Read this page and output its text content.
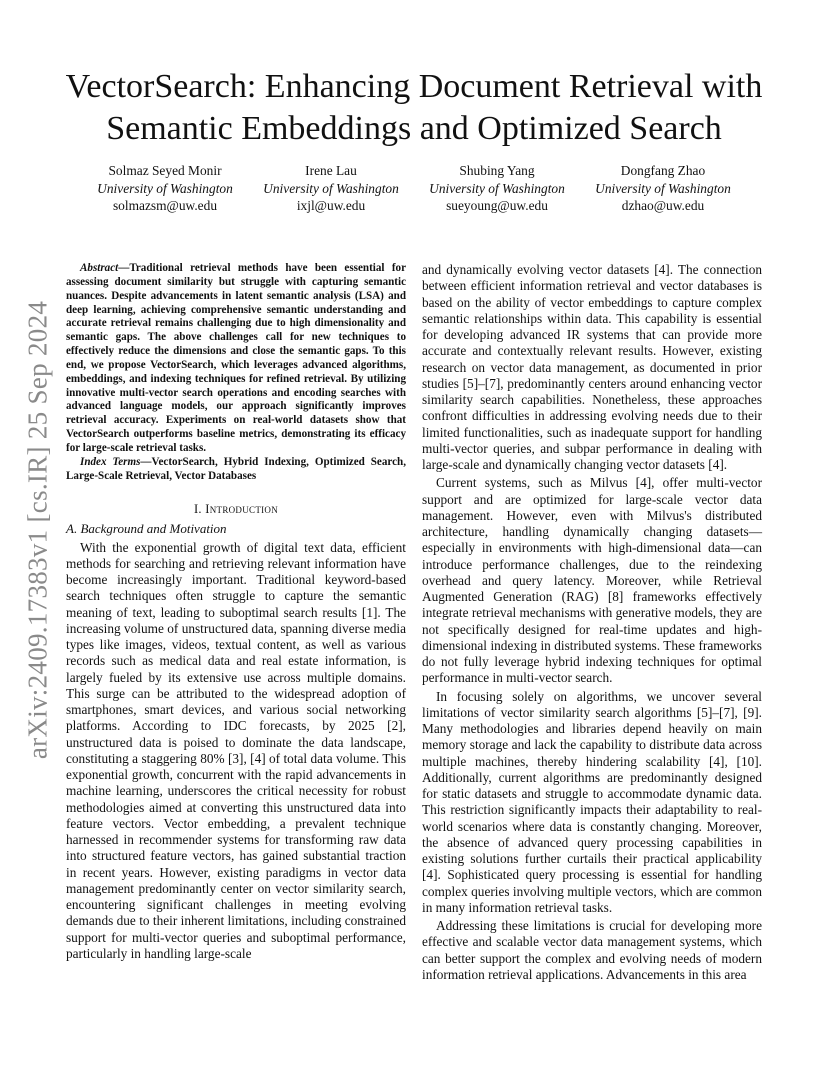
arXiv:2409.17383v1 [cs.IR] 25 Sep 2024
VectorSearch: Enhancing Document Retrieval with Semantic Embeddings and Optimized Search
Solmaz Seyed Monir
University of Washington
solmazsm@uw.edu
Irene Lau
University of Washington
ixjl@uw.edu
Shubing Yang
University of Washington
sueyoung@uw.edu
Dongfang Zhao
University of Washington
dzhao@uw.edu

Abstract—Traditional retrieval methods have been essential for assessing document similarity but struggle with capturing semantic nuances. Despite advancements in latent semantic analysis (LSA) and deep learning, achieving comprehensive semantic understanding and accurate retrieval remains challenging due to high dimensionality and semantic gaps. The above challenges call for new techniques to effectively reduce the dimensions and close the semantic gaps. To this end, we propose VectorSearch, which leverages advanced algorithms, embeddings, and indexing techniques for refined retrieval. By utilizing innovative multi-vector search operations and encoding searches with advanced language models, our approach significantly improves retrieval accuracy. Experiments on real-world datasets show that VectorSearch outperforms baseline metrics, demonstrating its efficacy for large-scale retrieval tasks.

Index Terms—VectorSearch, Hybrid Indexing, Optimized Search, Large-Scale Retrieval, Vector Databases

I. Introduction
A. Background and Motivation

With the exponential growth of digital text data, efficient methods for searching and retrieving relevant information have become increasingly important. Traditional keyword-based search techniques often struggle to capture the semantic meaning of text, leading to suboptimal search results [1]. The increasing volume of unstructured data, spanning diverse media types like images, videos, textual content, as well as various records such as medical data and real estate information, is largely fueled by its extensive use across multiple domains. This surge can be attributed to the widespread adoption of smartphones, smart devices, and various social networking platforms. According to IDC forecasts, by 2025 [2], unstructured data is poised to dominate the data landscape, constituting a staggering 80% [3], [4] of total data volume. This exponential growth, concurrent with the rapid advancements in machine learning, underscores the critical necessity for robust methodologies aimed at converting this unstructured data into feature vectors. Vector embedding, a prevalent technique harnessed in recommender systems for transforming raw data into structured feature vectors, has gained substantial traction in recent years. However, existing paradigms in vector data management predominantly center on vector similarity search, encountering significant challenges in meeting evolving demands due to their inherent limitations, including constrained support for multi-vector queries and suboptimal performance, particularly in handling large-scale

and dynamically evolving vector datasets [4]. The connection between efficient information retrieval and vector databases is based on the ability of vector embeddings to capture complex semantic relationships within data. This capability is essential for developing advanced IR systems that can provide more accurate and contextually relevant results. However, existing research on vector data management, as documented in prior studies [5]–[7], predominantly centers around enhancing vector similarity search capabilities. Nonetheless, these approaches confront difficulties in addressing evolving needs due to their limited functionalities, such as inadequate support for handling multi-vector queries, and subpar performance in dealing with large-scale and dynamically changing vector datasets [4].

Current systems, such as Milvus [4], offer multi-vector support and are optimized for large-scale vector data management. However, even with Milvus's distributed architecture, handling dynamically changing datasets—especially in environments with high-dimensional data—can introduce performance challenges, due to the reindexing overhead and query latency. Moreover, while Retrieval Augmented Generation (RAG) [8] frameworks effectively integrate retrieval mechanisms with generative models, they are not specifically designed for real-time updates and high-dimensional indexing in distributed systems. These frameworks do not fully leverage hybrid indexing techniques for optimal performance in multi-vector search.

In focusing solely on algorithms, we uncover several limitations of vector similarity search algorithms [5]–[7], [9]. Many methodologies and libraries depend heavily on main memory storage and lack the capability to distribute data across multiple machines, thereby hindering scalability [4], [10]. Additionally, current algorithms are predominantly designed for static datasets and struggle to accommodate dynamic data. This restriction significantly impacts their adaptability to real-world scenarios where data is constantly changing. Moreover, the absence of advanced query processing capabilities in existing solutions further curtails their practical applicability [4]. Sophisticated query processing is essential for handling complex queries involving multiple vectors, which are common in many information retrieval tasks.

Addressing these limitations is crucial for developing more effective and scalable vector data management systems, which can better support the complex and evolving needs of modern information retrieval applications. Advancements in this area
